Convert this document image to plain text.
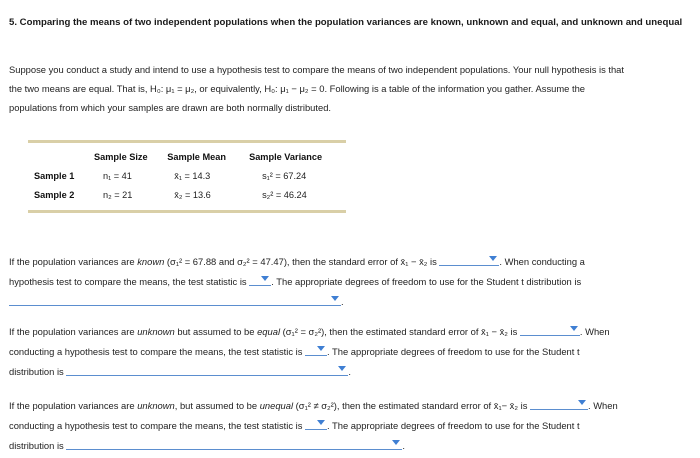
5. Comparing the means of two independent populations when the population variances are known, unknown and equal, and unknown and unequal
Suppose you conduct a study and intend to use a hypothesis test to compare the means of two independent populations. Your null hypothesis is that
the two means are equal. That is, H₀: μ₁ = μ₂, or equivalently, H₀: μ₁ − μ₂ = 0. Following is a table of the information you gather. Assume the
populations from which your samples are drawn are both normally distributed.
	Sample Size	Sample Mean	Sample Variance
Sample 1	n₁ = 41	x̄₁ = 14.3	s₁² = 67.24
Sample 2	n₂ = 21	x̄₂ = 13.6	s₂² = 46.24
If the population variances are known (σ₁² = 67.88 and σ₂² = 47.47), then the standard error of x̄₁ − x̄₂ is	. When conducting a
hypothesis test to compare the means, the test statistic is	. The appropriate degrees of freedom to use for the Student t distribution is
.
If the population variances are unknown but assumed to be equal (σ₁² = σ₂²), then the estimated standard error of x̄₁ − x̄₂ is	. When
conducting a hypothesis test to compare the means, the test statistic is	. The appropriate degrees of freedom to use for the Student t
distribution is	.
If the population variances are unknown, but assumed to be unequal (σ₁² ≠ σ₂²), then the estimated standard error of x̄₁− x̄₂ is	. When
conducting a hypothesis test to compare the means, the test statistic is	. The appropriate degrees of freedom to use for the Student t
distribution is	.
